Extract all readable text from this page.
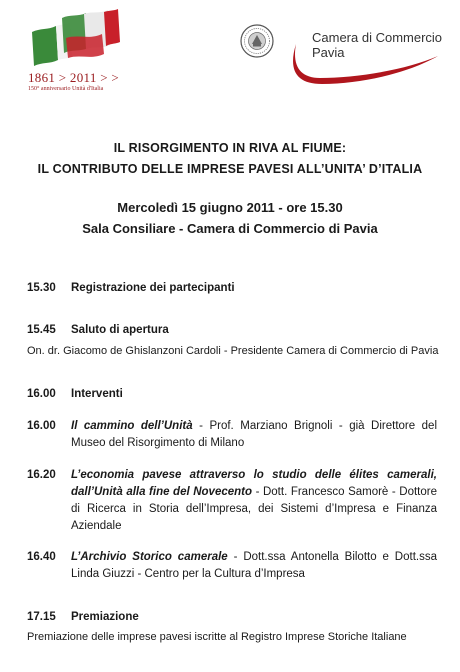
1861 > 2011 > >
150° anniversario Unità d'Italia
Camera di Commercio
Pavia
IL RISORGIMENTO IN RIVA AL FIUME:
IL CONTRIBUTO DELLE IMPRESE PAVESI ALL’UNITA’ D’ITALIA
Mercoledì 15 giugno 2011 - ore 15.30
Sala Consiliare - Camera di Commercio di Pavia
15.30	Registrazione dei partecipanti
15.45	Saluto di apertura
On. dr. Giacomo de Ghislanzoni Cardoli - Presidente Camera di Commercio di Pavia
16.00	Interventi
16.00	Il cammino dell’Unità - Prof. Marziano Brignoli - già Direttore del Museo del Risorgimento di Milano
16.20	L’economia pavese attraverso lo studio delle élites camerali, dall’Unità alla fine del Novecento - Dott. Francesco Samorè - Dottore di Ricerca in Storia dell’Impresa, dei Sistemi d’Impresa e Finanza Aziendale
16.40	L’Archivio Storico camerale - Dott.ssa Antonella Bilotto e Dott.ssa Linda Giuzzi - Centro per la Cultura d’Impresa
17.15	Premiazione
Premiazione delle imprese pavesi iscritte al Registro Imprese Storiche Italiane
